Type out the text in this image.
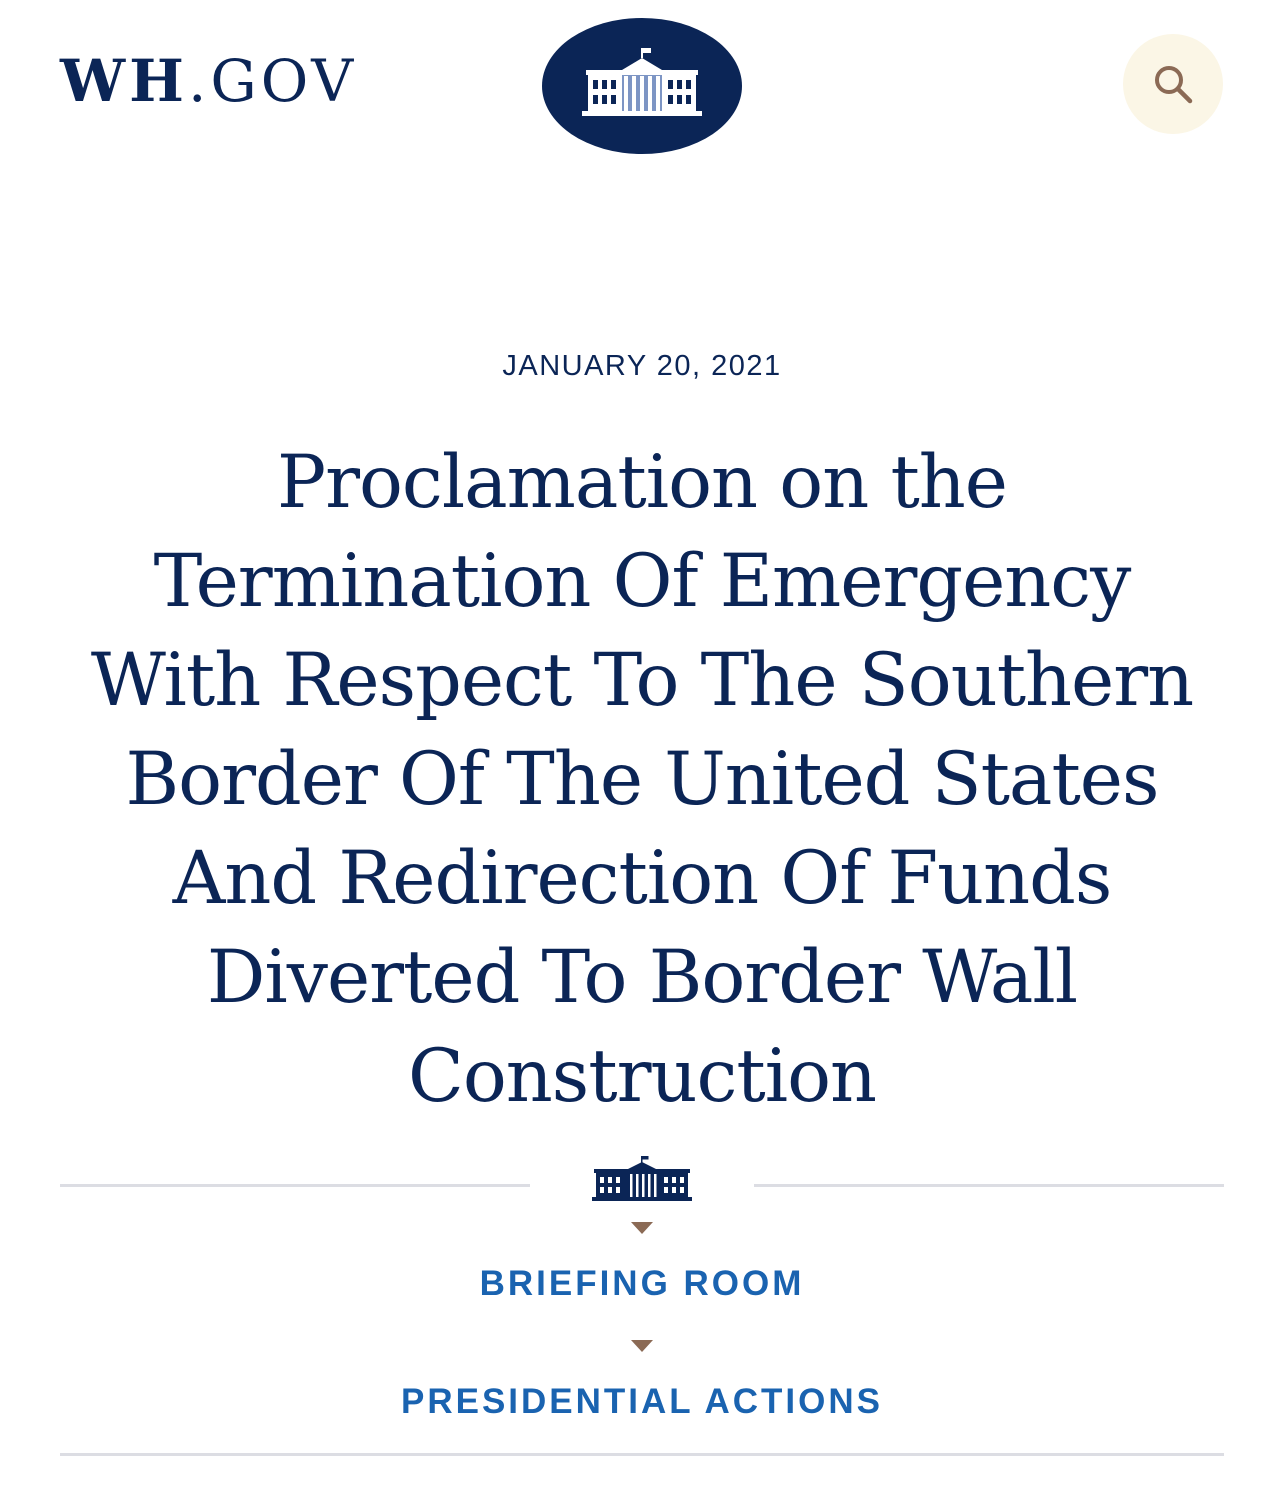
WH.GOV

JANUARY 20, 2021

Proclamation on the
Termination Of Emergency
With Respect To The Southern
Border Of The United States
And Redirection Of Funds
Diverted To Border Wall
Construction
BRIEFING ROOM
PRESIDENTIAL ACTIONS
